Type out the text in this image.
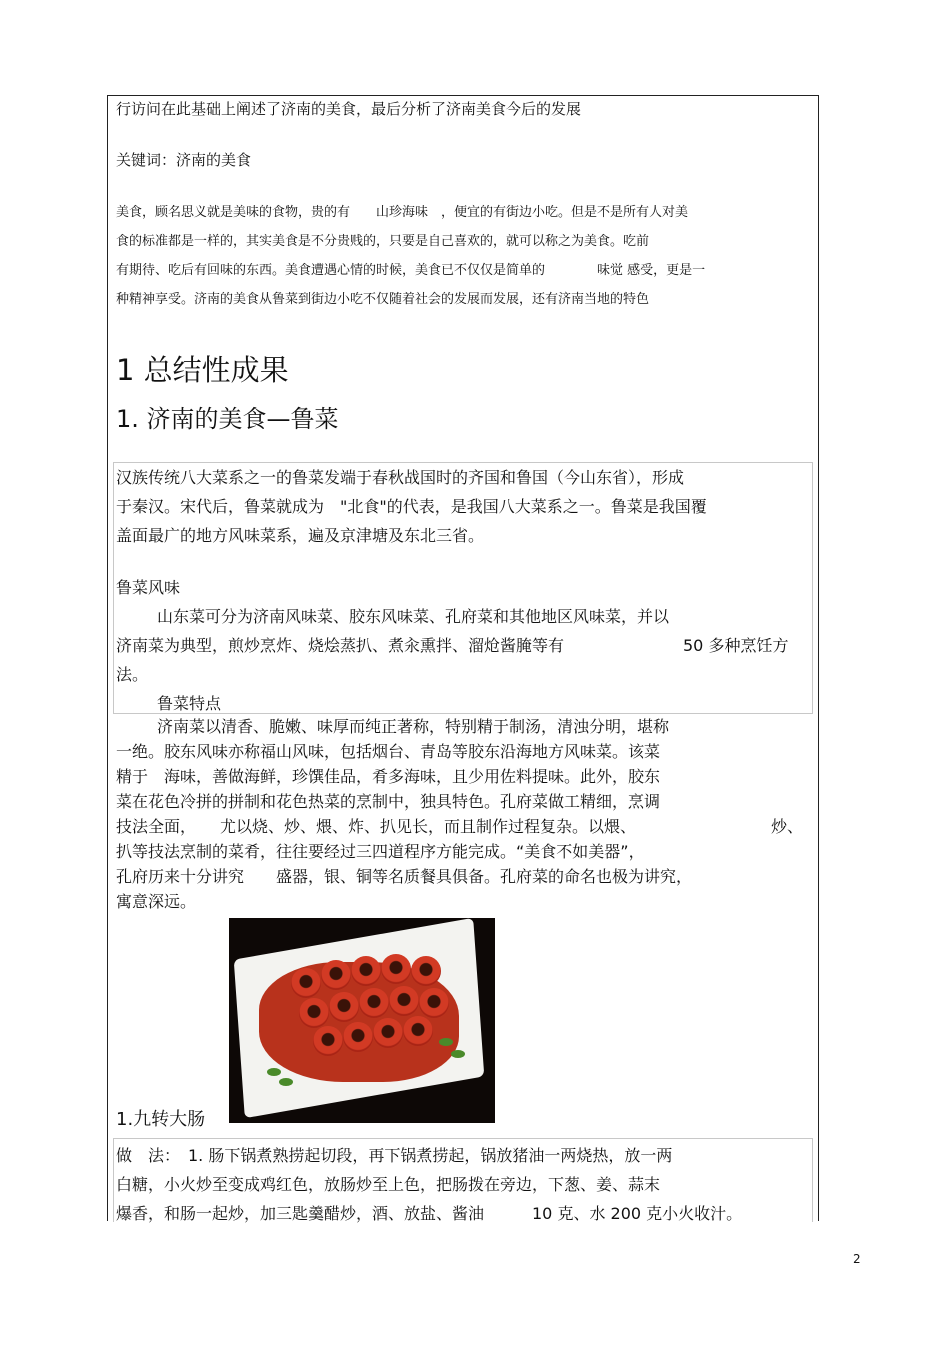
行访问在此基础上阐述了济南的美食，最后分析了济南美食今后的发展
关键词：济南的美食
美食，顾名思义就是美味的食物，贵的有　　山珍海味　，便宜的有街边小吃。但是不是所有人对美
食的标准都是一样的，其实美食是不分贵贱的，只要是自己喜欢的，就可以称之为美食。吃前
有期待、吃后有回味的东西。美食遭遇心情的时候，美食已不仅仅是简单的　　　　味觉 感受，更是一
种精神享受。济南的美食从鲁菜到街边小吃不仅随着社会的发展而发展，还有济南当地的特色
1 总结性成果
1. 济南的美食—鲁菜
汉族传统八大菜系之一的鲁菜发端于春秋战国时的齐国和鲁国（今山东省），形成
于秦汉。宋代后，鲁菜就成为　"北食"的代表，是我国八大菜系之一。鲁菜是我国覆
盖面最广的地方风味菜系，遍及京津塘及东北三省。
鲁菜风味
山东菜可分为济南风味菜、胶东风味菜、孔府菜和其他地区风味菜，并以
济南菜为典型，煎炒烹炸、烧烩蒸扒、煮汆熏拌、溜炝酱腌等有	50 多种烹饪方
法。
鲁菜特点
济南菜以清香、脆嫩、味厚而纯正著称，特别精于制汤，清浊分明，堪称
一绝。胶东风味亦称福山风味，包括烟台、青岛等胶东沿海地方风味菜。该菜
精于　海味，善做海鲜，珍馔佳品，肴多海味，且少用佐料提味。此外，胶东
菜在花色冷拼的拼制和花色热菜的烹制中，独具特色。孔府菜做工精细，烹调
技法全面，　　尤以烧、炒、煨、炸、扒见长，而且制作过程复杂。以煨、	炒、
扒等技法烹制的菜肴，往往要经过三四道程序方能完成。“美食不如美器”，
孔府历来十分讲究　　盛器，银、铜等名质餐具俱备。孔府菜的命名也极为讲究，
寓意深远。
1.九转大肠
做　法：　1. 肠下锅煮熟捞起切段，再下锅煮捞起，锅放猪油一两烧热，放一两
白糖，小火炒至变成鸡红色，放肠炒至上色，把肠拨在旁边，下葱、姜、蒜末
爆香，和肠一起炒，加三匙羹醋炒，酒、放盐、酱油　　　10 克、水 200 克小火收汁。
2
